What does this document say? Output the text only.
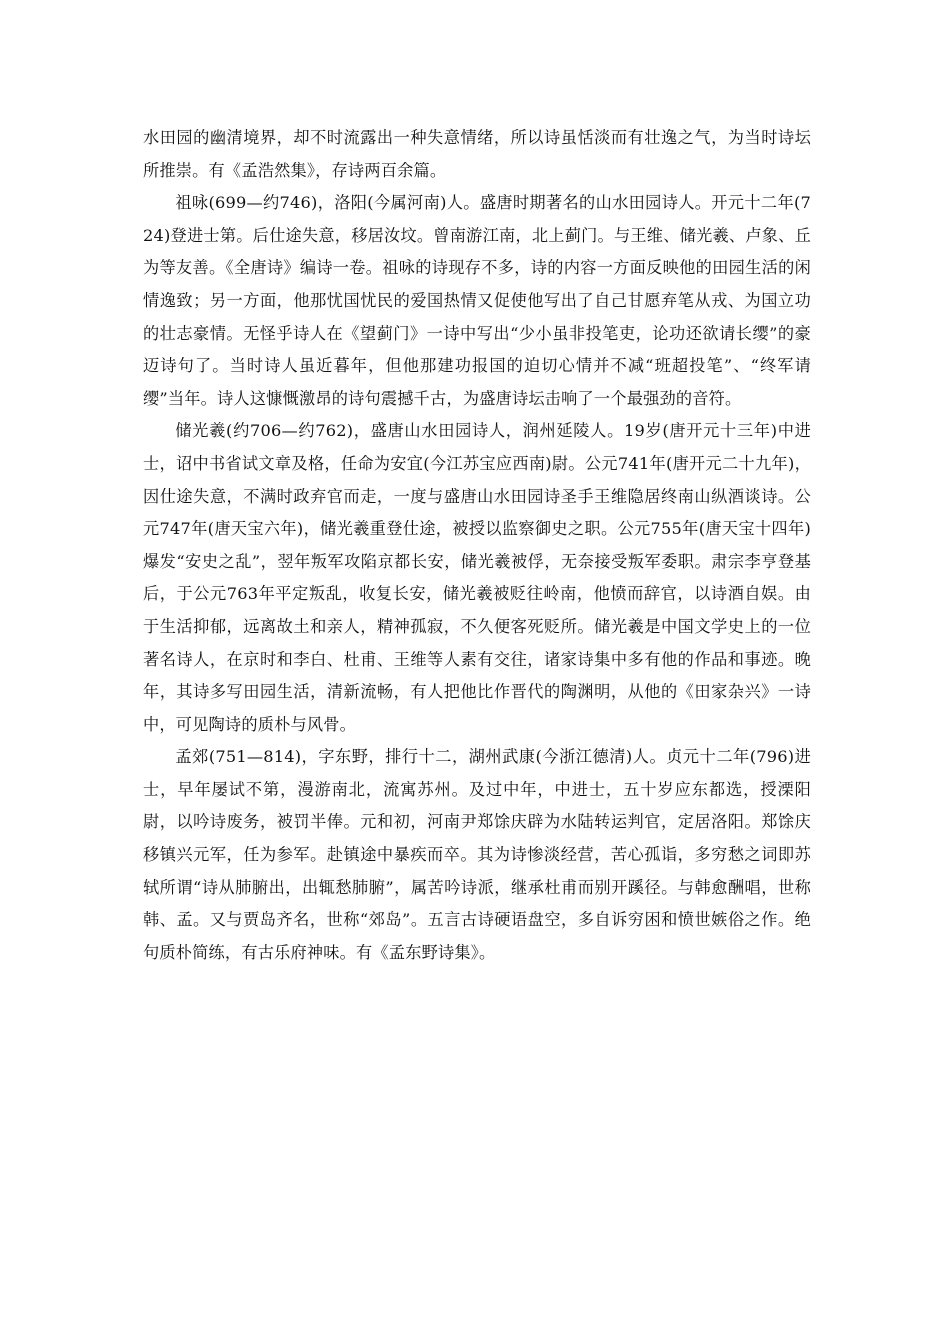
水田园的幽清境界，却不时流露出一种失意情绪，所以诗虽恬淡而有壮逸之气，为当时诗坛所推崇。有《孟浩然集》，存诗两百余篇。

祖咏(699—约746)，洛阳(今属河南)人。盛唐时期著名的山水田园诗人。开元十二年(724)登进士第。后仕途失意，移居汝坟。曾南游江南，北上蓟门。与王维、储光羲、卢象、丘为等友善。《全唐诗》编诗一卷。祖咏的诗现存不多，诗的内容一方面反映他的田园生活的闲情逸致；另一方面，他那忧国忧民的爱国热情又促使他写出了自己甘愿弃笔从戎、为国立功的壮志豪情。无怪乎诗人在《望蓟门》一诗中写出“少小虽非投笔吏，论功还欲请长缨”的豪迈诗句了。当时诗人虽近暮年，但他那建功报国的迫切心情并不减“班超投笔”、“终军请缨”当年。诗人这慷慨激昂的诗句震撼千古，为盛唐诗坛击响了一个最强劲的音符。

储光羲(约706—约762)，盛唐山水田园诗人，润州延陵人。19岁(唐开元十三年)中进士，诏中书省试文章及格，任命为安宜(今江苏宝应西南)尉。公元741年(唐开元二十九年)，因仕途失意，不满时政弃官而走，一度与盛唐山水田园诗圣手王维隐居终南山纵酒谈诗。公元747年(唐天宝六年)，储光羲重登仕途，被授以监察御史之职。公元755年(唐天宝十四年)爆发“安史之乱”，翌年叛军攻陷京都长安，储光羲被俘，无奈接受叛军委职。肃宗李亨登基后，于公元763年平定叛乱，收复长安，储光羲被贬往岭南，他愤而辞官，以诗酒自娱。由于生活抑郁，远离故土和亲人，精神孤寂，不久便客死贬所。储光羲是中国文学史上的一位著名诗人，在京时和李白、杜甫、王维等人素有交往，诸家诗集中多有他的作品和事迹。晚年，其诗多写田园生活，清新流畅，有人把他比作晋代的陶渊明，从他的《田家杂兴》一诗中，可见陶诗的质朴与风骨。

孟郊(751—814)，字东野，排行十二，湖州武康(今浙江德清)人。贞元十二年(796)进士，早年屡试不第，漫游南北，流寓苏州。及过中年，中进士，五十岁应东都选，授溧阳尉，以吟诗废务，被罚半俸。元和初，河南尹郑馀庆辟为水陆转运判官，定居洛阳。郑馀庆移镇兴元军，任为参军。赴镇途中暴疾而卒。其为诗惨淡经营，苦心孤诣，多穷愁之词即苏轼所谓“诗从肺腑出，出辄愁肺腑”，属苦吟诗派，继承杜甫而别开蹊径。与韩愈酬唱，世称韩、孟。又与贾岛齐名，世称“郊岛”。五言古诗硬语盘空，多自诉穷困和愤世嫉俗之作。绝句质朴简练，有古乐府神味。有《孟东野诗集》。
